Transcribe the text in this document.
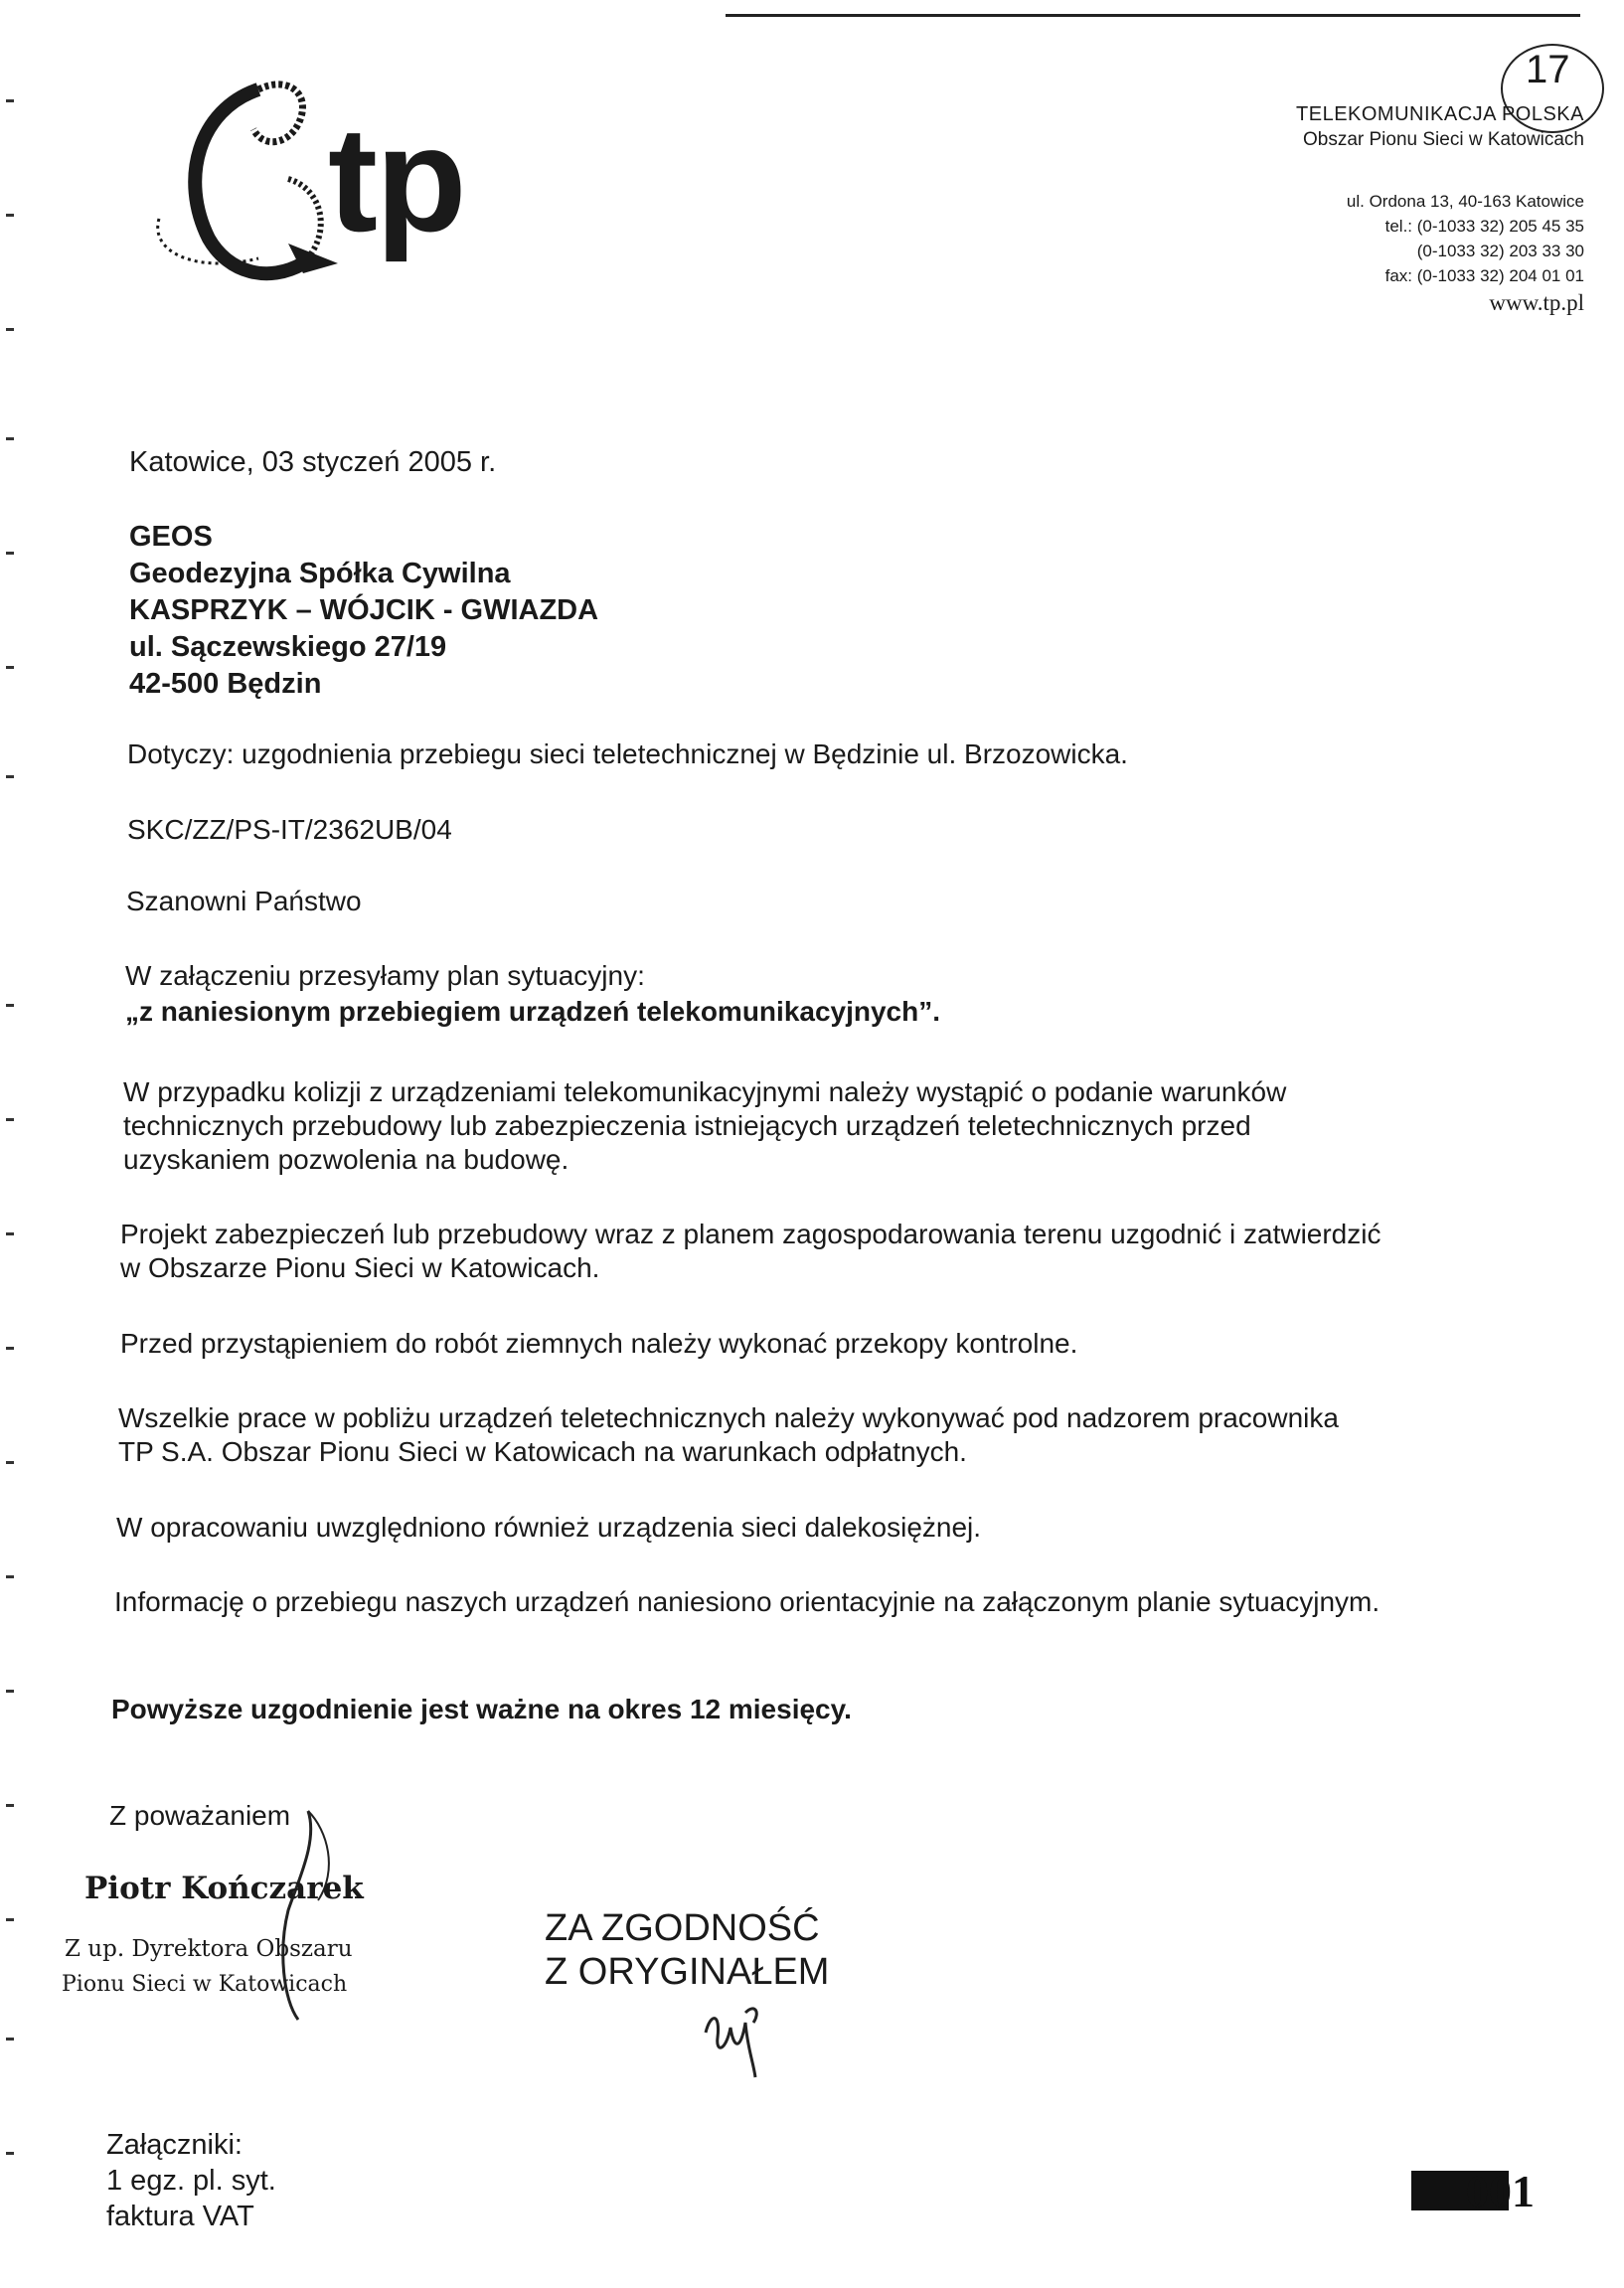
17
tp	TELEKOMUNIKACJA POLSKA
Obszar Pionu Sieci w Katowicach
ul. Ordona 13, 40-163 Katowice
tel.: (0-1033 32) 205 45 35
(0-1033 32) 203 33 30
fax: (0-1033 32) 204 01 01
www.tp.pl
Katowice, 03 styczeń 2005 r.
GEOS
Geodezyjna Spółka Cywilna
KASPRZYK – WÓJCIK - GWIAZDA
ul. Sączewskiego 27/19
42-500 Będzin
Dotyczy: uzgodnienia przebiegu sieci teletechnicznej w Będzinie ul. Brzozowicka.
SKC/ZZ/PS-IT/2362UB/04
Szanowni Państwo
W załączeniu przesyłamy plan sytuacyjny:
„z naniesionym przebiegiem urządzeń telekomunikacyjnych”.
W przypadku kolizji z urządzeniami telekomunikacyjnymi należy wystąpić o podanie warunków technicznych przebudowy lub zabezpieczenia istniejących urządzeń teletechnicznych przed uzyskaniem pozwolenia na budowę.
Projekt zabezpieczeń lub przebudowy wraz z planem zagospodarowania terenu uzgodnić i zatwierdzić w Obszarze Pionu Sieci w Katowicach.
Przed przystąpieniem do robót ziemnych należy wykonać przekopy kontrolne.
Wszelkie prace w pobliżu urządzeń teletechnicznych należy wykonywać pod nadzorem pracownika TP S.A. Obszar Pionu Sieci w Katowicach na warunkach odpłatnych.
W opracowaniu uwzględniono również urządzenia sieci dalekosiężnej.
Informację o przebiegu naszych urządzeń naniesiono orientacyjnie na załączonym planie sytuacyjnym.
Powyższe uzgodnienie jest ważne na okres 12 miesięcy.
Z poważaniem
Piotr Kończarek
Z up. Dyrektora Obszaru
Pionu Sieci w Katowicach
ZA ZGODNOŚĆ
Z ORYGINAŁEM
Załączniki:
1 egz. pl. syt.
faktura VAT	001
